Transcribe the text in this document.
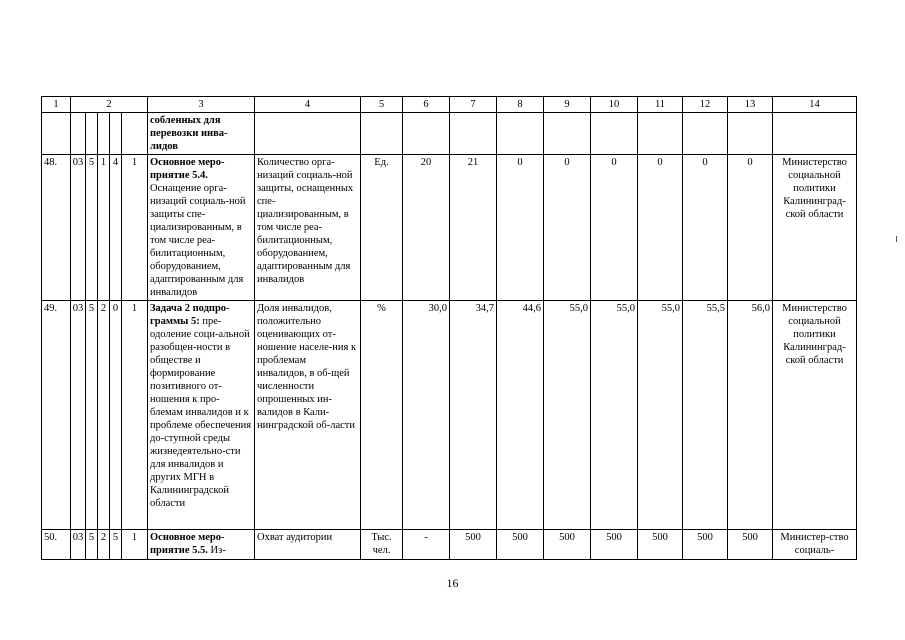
1	2					3	4	5	6	7	8	9	10	11	12	13	14
						собленных для перевозки инва-лидов											
48.	03	5	1	4	1	Основное меро-приятие 5.4. Оснащение орга-низаций социаль-ной защиты спе-циализированным, в том числе реа-билитационным, оборудованием, адаптированным для инвалидов	Количество орга-низаций социаль-ной защиты, оснащенных спе-циализированным, в том числе реа-билитационным, оборудованием, адаптированным для инвалидов	Ед.	20	21	0	0	0	0	0	0	Министерство социальной политики Калининград-ской области
49.	03	5	2	0	1	Задача 2 подпро-граммы 5: пре-одоление соци-альной разобщен-ности в обществе и формирование позитивного от-ношения к про-блемам инвалидов и к проблеме обеспечения до-ступной среды жизнедеятельно-сти для инвалидов и других МГН в Калининградской области	Доля инвалидов, положительно оценивающих от-ношение населе-ния к проблемам инвалидов, в об-щей численности опрошенных ин-валидов в Кали-нинградской об-ласти	%	30,0	34,7	44,6	55,0	55,0	55,0	55,5	56,0	Министерство социальной политики Калининград-ской области
50.	03	5	2	5	1	Основное меро-приятие 5.5. Из-	Охват аудитории	Тыс. чел.	-	500	500	500	500	500	500	500	Министер-ство социаль-
16
